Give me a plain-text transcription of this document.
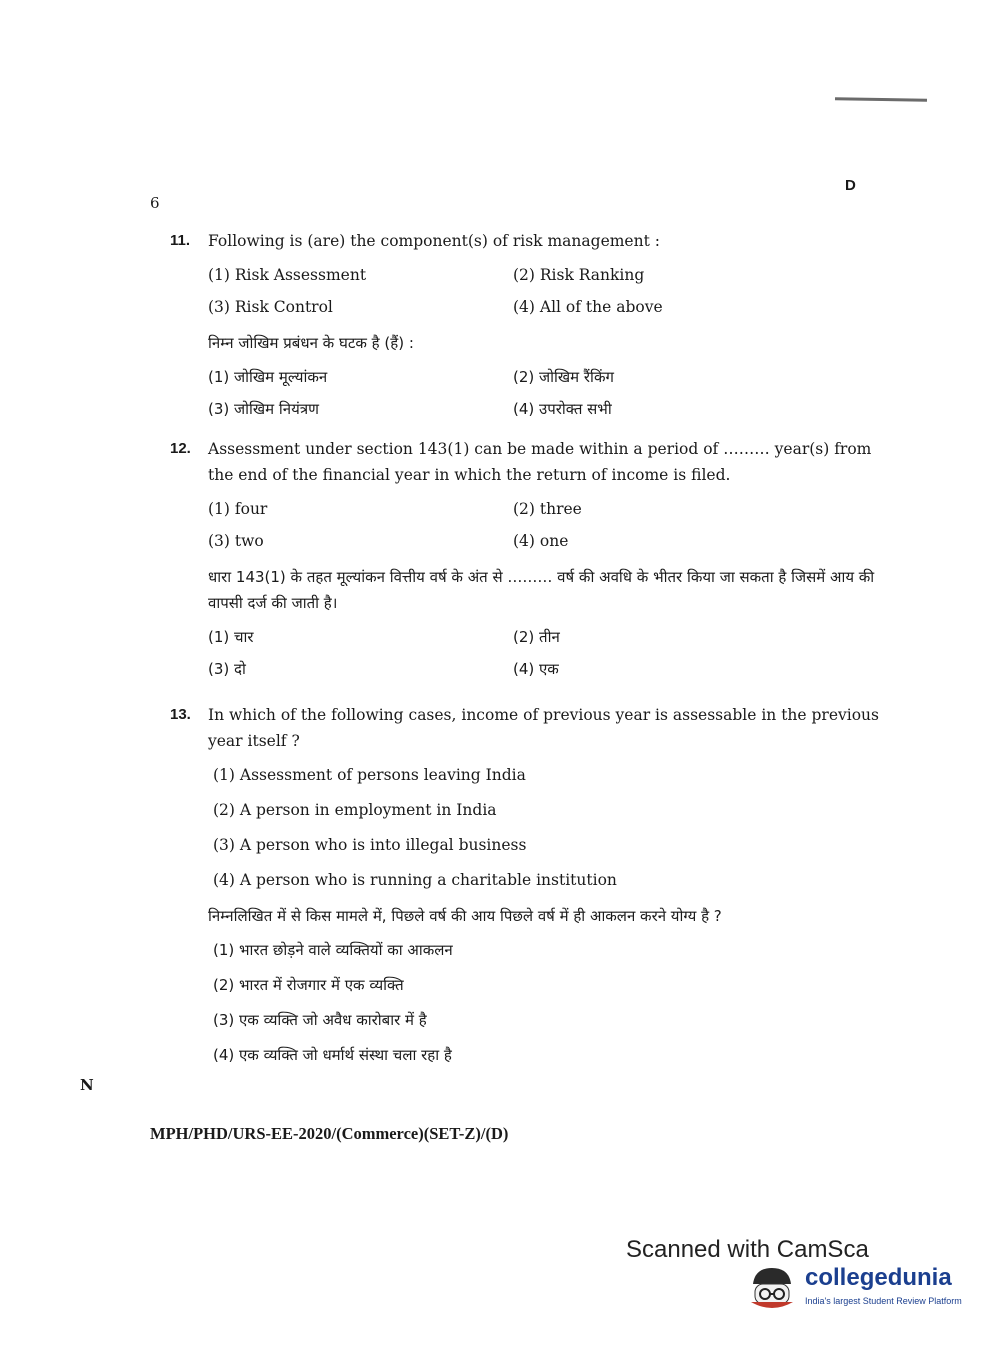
6
D
11. Following is (are) the component(s) of risk management :
(1) Risk Assessment	(2) Risk Ranking
(3) Risk Control	(4) All of the above
निम्न जोखिम प्रबंधन के घटक है (हैं) :
(1) जोखिम मूल्यांकन	(2) जोखिम रैंकिंग
(3) जोखिम नियंत्रण	(4) उपरोक्त सभी
12. Assessment under section 143(1) can be made within a period of ……… year(s) from the end of the financial year in which the return of income is filed.
(1) four	(2) three
(3) two	(4) one
धारा 143(1) के तहत मूल्यांकन वित्तीय वर्ष के अंत से ……… वर्ष की अवधि के भीतर किया जा सकता है जिसमें आय की वापसी दर्ज की जाती है।
(1) चार	(2) तीन
(3) दो	(4) एक
13. In which of the following cases, income of previous year is assessable in the previous year itself ?
(1) Assessment of persons leaving India
(2) A person in employment in India
(3) A person who is into illegal business
(4) A person who is running a charitable institution
निम्नलिखित में से किस मामले में, पिछले वर्ष की आय पिछले वर्ष में ही आकलन करने योग्य है ?
(1) भारत छोड़ने वाले व्यक्तियों का आकलन
(2) भारत में रोजगार में एक व्यक्ति
(3) एक व्यक्ति जो अवैध कारोबार में है
(4) एक व्यक्ति जो धर्मार्थ संस्था चला रहा है
N
MPH/PHD/URS-EE-2020/(Commerce)(SET-Z)/(D)
Scanned with CamSca
collegedunia
India's largest Student Review Platform
